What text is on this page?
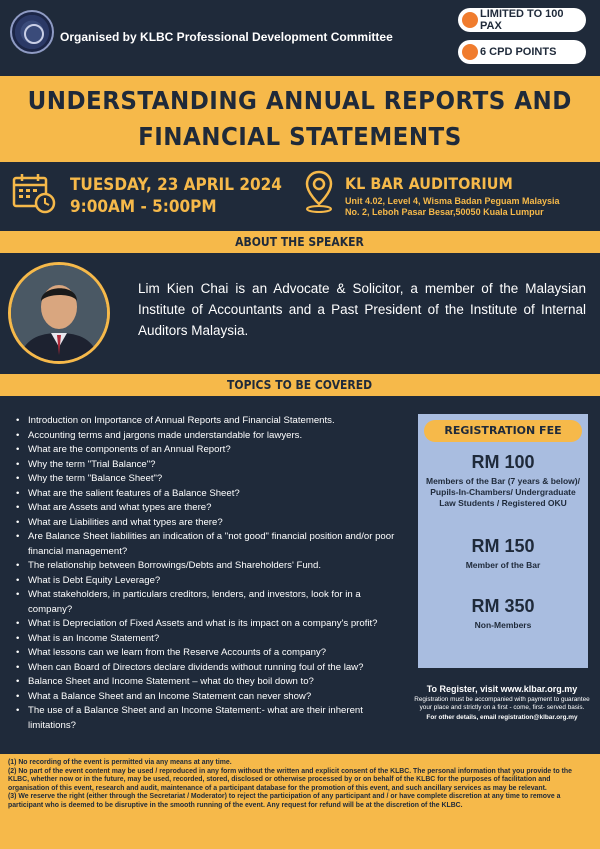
Organised by KLBC Professional Development Committee
LIMITED TO 100 PAX
6 CPD POINTS
UNDERSTANDING ANNUAL REPORTS AND
FINANCIAL STATEMENTS
TUESDAY, 23 APRIL 2024
9:00AM - 5:00PM
KL BAR AUDITORIUM
Unit 4.02, Level 4, Wisma Badan Peguam Malaysia
No. 2, Leboh Pasar Besar,50050 Kuala Lumpur
ABOUT THE SPEAKER
Lim Kien Chai is an Advocate & Solicitor, a member of the Malaysian Institute of Accountants and a Past President of the Institute of Internal Auditors Malaysia.
TOPICS TO BE COVERED
• Introduction on Importance of Annual Reports and Financial Statements.
• Accounting terms and jargons made understandable for lawyers.
• What are the components of an Annual Report?
• Why the term "Trial Balance"?
• Why the term "Balance Sheet"?
• What are the salient features of a Balance Sheet?
• What are Assets and what types are there?
• What are Liabilities and what types are there?
• Are Balance Sheet liabilities an indication of a "not good" financial position and/or poor financial management?
• The relationship between Borrowings/Debts and Shareholders' Fund.
• What is Debt Equity Leverage?
• What stakeholders, in particulars creditors, lenders, and investors, look for in a company?
• What is Depreciation of Fixed Assets and what is its impact on a company's profit?
• What is an Income Statement?
• What lessons can we learn from the Reserve Accounts of a company?
• When can Board of Directors declare dividends without running foul of the law?
• Balance Sheet and Income Statement – what do they boil down to?
• What a Balance Sheet and an Income Statement can never show?
• The use of a Balance Sheet and an Income Statement:- what are their inherent limitations?
REGISTRATION FEE
RM 100
Members of the Bar (7 years & below)/ Pupils-In-Chambers/ Undergraduate Law Students / Registered OKU
RM 150
Member of the Bar
RM 350
Non-Members
To Register, visit www.klbar.org.my
Registration must be accompanied with payment to guarantee your place and strictly on a first - come, first- served basis.
For other details, email registration@klbar.org.my

(1) No recording of the event is permitted via any means at any time.

(2) No part of the event content may be used / reproduced in any form without the written and explicit consent of the KLBC. The personal information that you provide to the KLBC, whether now or in the future, may be used, recorded, stored, disclosed or otherwise processed by or on behalf of the KLBC for the purposes of facilitation and organisation of this event, research and audit, maintenance of a participant database for the promotion of this event, and such ancillary services as may be relevant.

(3) We reserve the right (either through the Secretariat / Moderator) to reject the participation of any participant and / or have complete discretion at any time to remove a participant who is deemed to be disruptive in the smooth running of the event. Any request for refund will be at the discretion of the KLBC.
